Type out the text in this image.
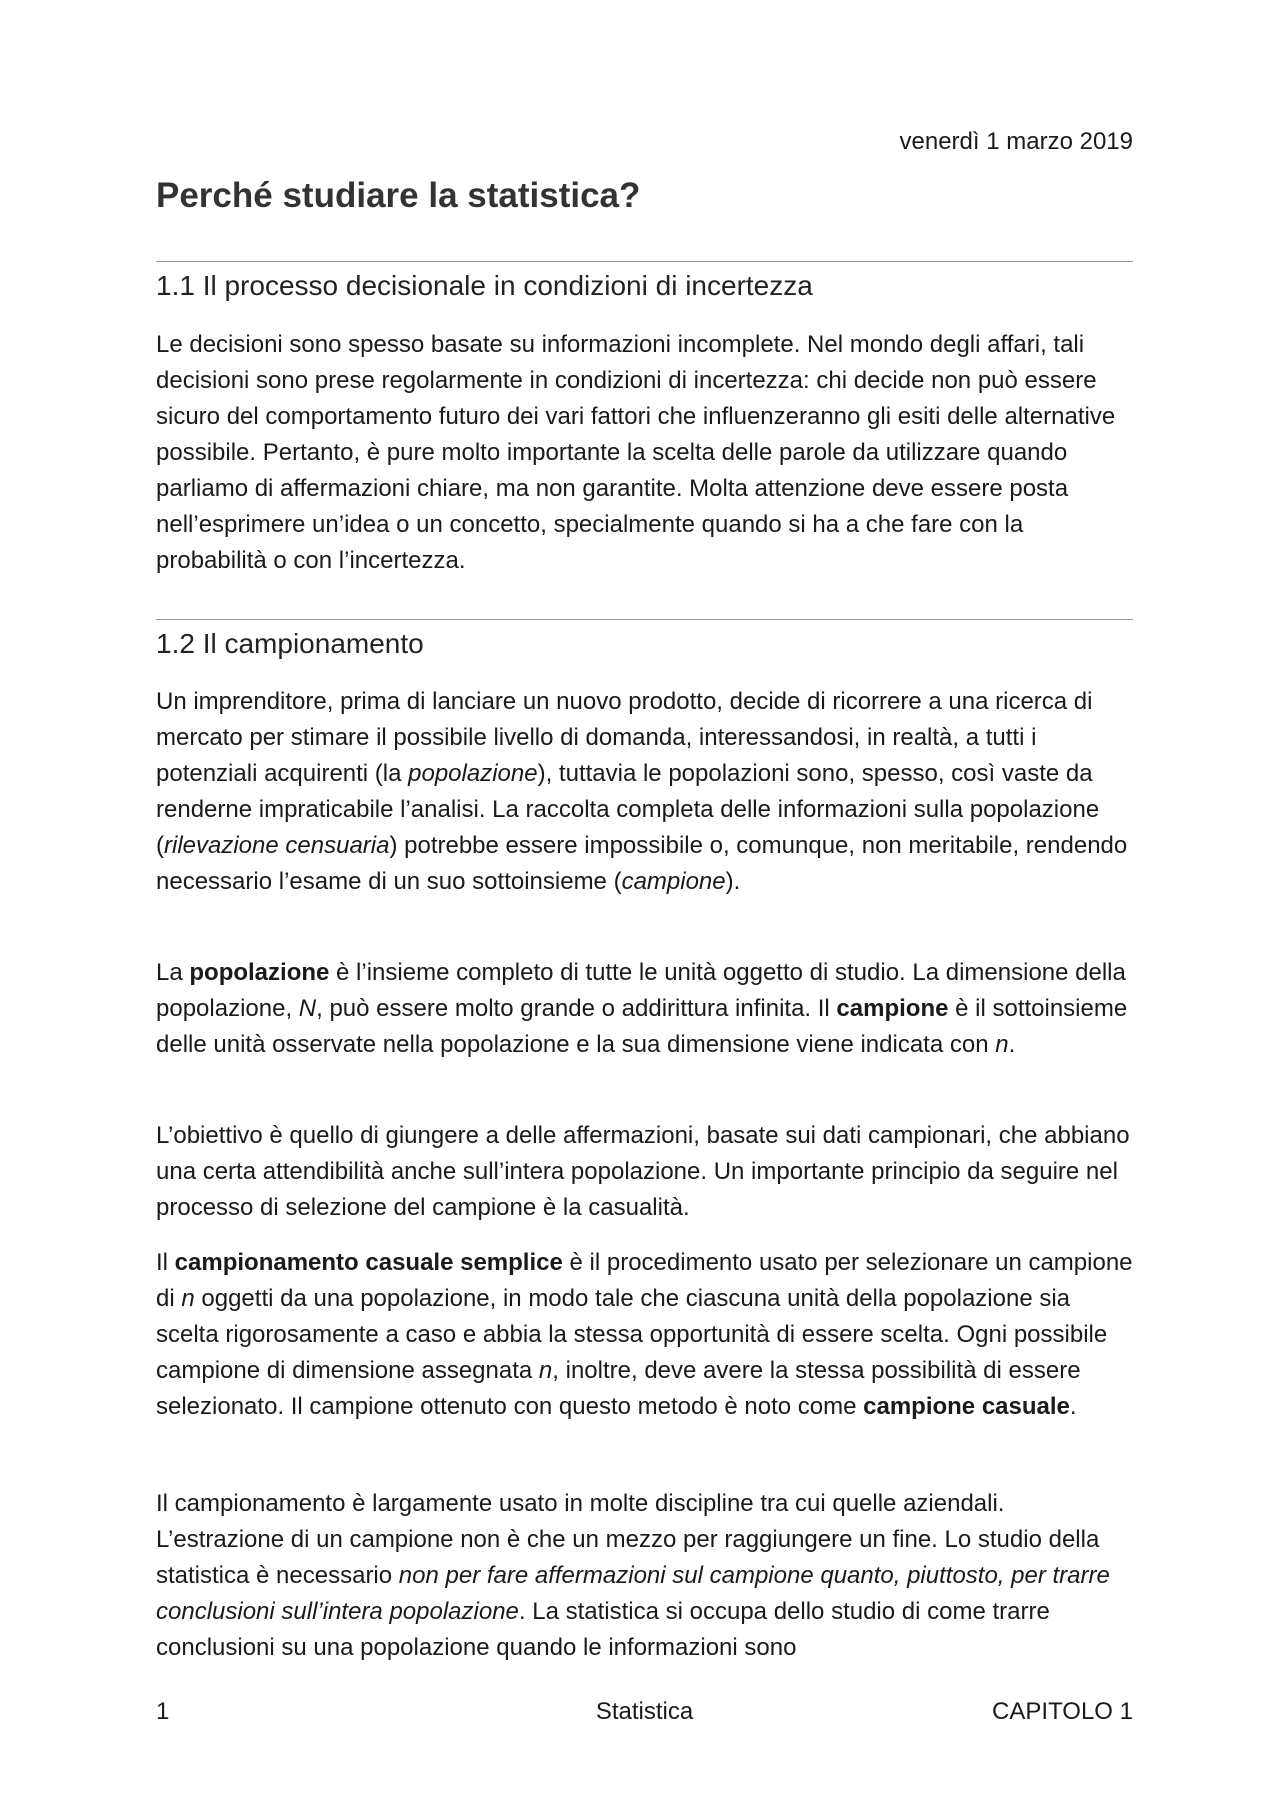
venerdì 1 marzo 2019
Perché studiare la statistica?
1.1 Il processo decisionale in condizioni di incertezza

Le decisioni sono spesso basate su informazioni incomplete. Nel mondo degli affari, tali decisioni sono prese regolarmente in condizioni di incertezza: chi decide non può essere sicuro del comportamento futuro dei vari fattori che influenzeranno gli esiti delle alternative possibile. Pertanto, è pure molto importante la scelta delle parole da utilizzare quando parliamo di affermazioni chiare, ma non garantite. Molta attenzione deve essere posta nell’esprimere un’idea o un concetto, specialmente quando si ha a che fare con la probabilità o con l’incertezza.

1.2 Il campionamento

Un imprenditore, prima di lanciare un nuovo prodotto, decide di ricorrere a una ricerca di mercato per stimare il possibile livello di domanda, interessandosi, in realtà, a tutti i potenziali acquirenti (la popolazione), tuttavia le popolazioni sono, spesso, così vaste da renderne impraticabile l’analisi. La raccolta completa delle informazioni sulla popolazione (rilevazione censuaria) potrebbe essere impossibile o, comunque, non meritabile, rendendo necessario l’esame di un suo sottoinsieme (campione).

La popolazione è l’insieme completo di tutte le unità oggetto di studio. La dimensione della popolazione, N, può essere molto grande o addirittura infinita. Il campione è il sottoinsieme delle unità osservate nella popolazione e la sua dimensione viene indicata con n.

L’obiettivo è quello di giungere a delle affermazioni, basate sui dati campionari, che abbiano una certa attendibilità anche sull’intera popolazione. Un importante principio da seguire nel processo di selezione del campione è la casualità.

Il campionamento casuale semplice è il procedimento usato per selezionare un campione di n oggetti da una popolazione, in modo tale che ciascuna unità della popolazione sia scelta rigorosamente a caso e abbia la stessa opportunità di essere scelta. Ogni possibile campione di dimensione assegnata n, inoltre, deve avere la stessa possibilità di essere selezionato. Il campione ottenuto con questo metodo è noto come campione casuale.

Il campionamento è largamente usato in molte discipline tra cui quelle aziendali. L’estrazione di un campione non è che un mezzo per raggiungere un fine. Lo studio della statistica è necessario non per fare affermazioni sul campione quanto, piuttosto, per trarre conclusioni sull’intera popolazione. La statistica si occupa dello studio di come trarre conclusioni su una popolazione quando le informazioni sono

1	Statistica	CAPITOLO 1
